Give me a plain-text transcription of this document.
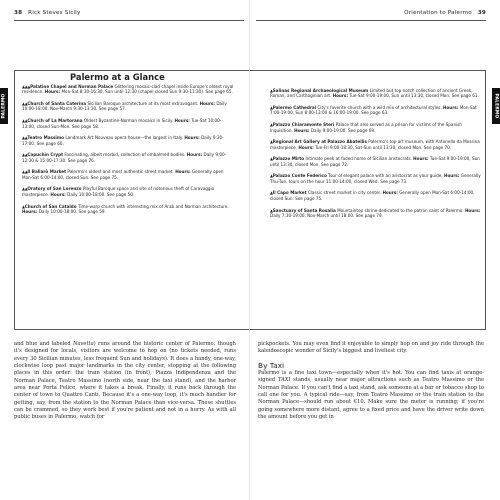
38 Rick Steves Sicily
PALERMO
Palermo at a Glance

▲▲▲Palatine Chapel and Norman Palace Glittering mosaic-clad chapel inside Europe's oldest royal residence. Hours: Mon-Sat 8:30-16:30, Sun until 12:30 (chapel closed Sun 9:30-11:30). See page 65.

▲▲Church of Santa Caterina Sicilian Baroque architecture at its most extravagant. Hours: Daily 10:00-18:00, Nov-March 9:30-13:30. See page 57.

▲▲Church of La Martorana Oldest Byzantine-Norman mosaics in Sicily. Hours: Tue-Sat 10:00-13:00, closed Sun-Mon. See page 58.

▲▲Teatro Massimo Landmark Art Nouveau opera house—the largest in Italy. Hours: Daily 9:30-17:00. See page 60.

▲▲Capuchin Crypt Fascinating, albeit morbid, collection of embalmed bodies. Hours: Daily 9:00-12:30 & 15:00-17:30. See page 76.

▲▲Il Ballarò Market Palermo's oldest and most authentic street market. Hours: Generally open Mon-Sat 6:00-14:00, closed Sun. See page 75.

▲▲Oratory of San Lorenzo Playful Baroque space and site of notorious theft of Caravaggio masterpiece. Hours: Daily 10:00-18:00. See page 50.

▲Church of San Cataldo Time-warp church with interesting mix of Arab and Norman architecture. Hours: Daily 10:00-18:00. See page 59.

and blue and labeled Navetta) runs around the historic center of Palermo; though it's designed for locals, visitors are welcome to hop on (no tickets needed, runs every 30 Sicilian minutes, less frequent Sun and holidays). It does a handy, one-way, clockwise loop past major landmarks in the city center, stopping at the following places in this order: the train station (in front), Piazza Indipendenza and the Norman Palace, Teatro Massimo (north side, near the taxi stand), and the harbor area near Porta Felice, where it takes a break. Finally, it runs back through the center of town to Quattro Canti. Because it's a one-way loop, it's much handier for getting, say, from the station to the Norman Palace than vice-versa. These shuttles can be crammed, so they work best if you're patient and not in a hurry. As with all public buses in Palermo, watch for

Orientation to Palermo 39
PALERMO

▲Salinas Regional Archaeological Museum Limited but top-notch collection of ancient Greek, Roman, and Carthaginian art. Hours: Tue-Sat 9:00-19:00, Sun until 13:30, closed Mon. See page 61.

▲Palermo Cathedral City's favorite church with a wild mix of architectural styles. Hours: Mon-Sat 7:00-19:00, Sun 8:00-13:00 & 16:00-19:00. See page 63.

▲Palazzo Chiaramonte Steri Palace that also served as a prison for victims of the Spanish Inquisition. Hours: Daily 9:00-19:00. See page 69.

▲Regional Art Gallery at Palazzo Abatellis Palermo's top art museum, with Antonello da Messina masterpiece. Hours: Tue-Fri 9:00-18:30, Sat-Sun until 13:30, closed Mon. See page 70.

▲Palazzo Mirto Intimate peek at faded home of Sicilian aristocrats. Hours: Tue-Sat 9:00-19:00, Sun until 13:30, closed Mon. See page 72.

▲Palazzo Conte Federico Tour of elegant palace with an aristocrat as your guide. Hours: Generally Thu-Tue, tours on the hour 11:00-14:00, closed Wed. See page 73.

▲Il Capo Market Classic street market in city center. Hours: Generally open Mon-Sat 6:00-14:00, closed Sun. See page 75.

▲Sanctuary of Santa Rosalia Mountaintop shrine dedicated to the patron saint of Palermo. Hours: Daily 7:30-19:00, Nov-March until 18:00. See page 79.

pickpockets. You may even find it enjoyable to simply hop on and joy ride through the kaleidoscopic wonder of Sicily's biggest and liveliest city.

By Taxi

Palermo is a fine taxi town—especially when it's hot. You can find taxis at orange-signed TAXI stands, usually near major attractions such as Teatro Massimo or the Norman Palace. If you can't find a taxi stand, ask someone at a bar or tobacco shop to call one for you. A typical ride—say, from Teatro Massimo or the train station to the Norman Palace—should run about €10. Make sure the meter is running; if you're going somewhere more distant, agree to a fixed price and have the driver write down the amount before you get in
